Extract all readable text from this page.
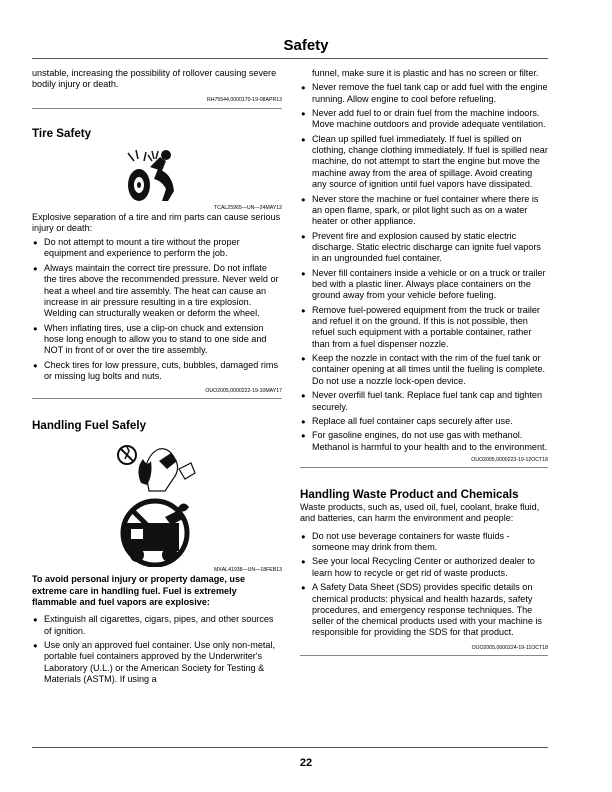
Safety

unstable, increasing the possibility of rollover causing severe bodily injury or death.

RH75544,0000170-19-08APR13
Tire Safety
TCAL25965—UN—24MAY12

Explosive separation of a tire and rim parts can cause serious injury or death:

● Do not attempt to mount a tire without the proper equipment and experience to perform the job.
● Always maintain the correct tire pressure. Do not inflate the tires above the recommended pressure. Never weld or heat a wheel and tire assembly. The heat can cause an increase in air pressure resulting in a tire explosion. Welding can structurally weaken or deform the wheel.
● When inflating tires, use a clip-on chuck and extension hose long enough to allow you to stand to one side and NOT in front of or over the tire assembly.
● Check tires for low pressure, cuts, bubbles, damaged rims or missing lug bolts and nuts.
OUO2005,0000222-19-10MAY17
Handling Fuel Safely
MXAL41938—UN—18FEB13

To avoid personal injury or property damage, use extreme care in handling fuel. Fuel is extremely flammable and fuel vapors are explosive:

● Extinguish all cigarettes, cigars, pipes, and other sources of ignition.
● Use only an approved fuel container. Use only non-metal, portable fuel containers approved by the Underwriter's Laboratory (U.L.) or the American Society for Testing & Materials (ASTM). If using a

funnel, make sure it is plastic and has no screen or filter.

● Never remove the fuel tank cap or add fuel with the engine running. Allow engine to cool before refueling.
● Never add fuel to or drain fuel from the machine indoors. Move machine outdoors and provide adequate ventilation.
● Clean up spilled fuel immediately. If fuel is spilled on clothing, change clothing immediately. If fuel is spilled near machine, do not attempt to start the engine but move the machine away from the area of spillage. Avoid creating any source of ignition until fuel vapors have dissipated.
● Never store the machine or fuel container where there is an open flame, spark, or pilot light such as on a water heater or other appliance.
● Prevent fire and explosion caused by static electric discharge. Static electric discharge can ignite fuel vapors in an ungrounded fuel container.
● Never fill containers inside a vehicle or on a truck or trailer bed with a plastic liner. Always place containers on the ground away from your vehicle before fueling.
● Remove fuel-powered equipment from the truck or trailer and refuel it on the ground. If this is not possible, then refuel such equipment with a portable container, rather than from a fuel dispenser nozzle.
● Keep the nozzle in contact with the rim of the fuel tank or container opening at all times until the fueling is complete. Do not use a nozzle lock-open device.
● Never overfill fuel tank. Replace fuel tank cap and tighten securely.
● Replace all fuel container caps securely after use.
● For gasoline engines, do not use gas with methanol. Methanol is harmful to your health and to the environment.
OUO2005,0000223-19-12OCT18
Handling Waste Product and Chemicals

Waste products, such as, used oil, fuel, coolant, brake fluid, and batteries, can harm the environment and people:

● Do not use beverage containers for waste fluids - someone may drink from them.
● See your local Recycling Center or authorized dealer to learn how to recycle or get rid of waste products.
● A Safety Data Sheet (SDS) provides specific details on chemical products: physical and health hazards, safety procedures, and emergency response techniques. The seller of the chemical products used with your machine is responsible for providing the SDS for that product.
OUO2005,0000224-19-11OCT18
22
